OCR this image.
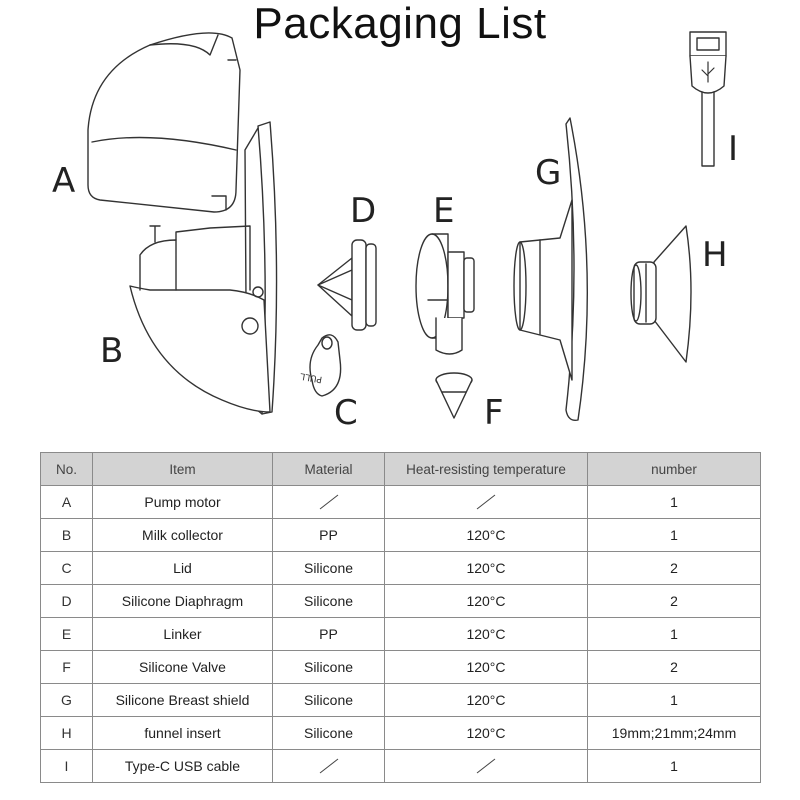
Packaging List
PULL
A
B
C
D E
F
G
H
I
No.	Item	Material	Heat-resisting temperature	number
A	Pump motor			1
B	Milk collector	PP	120°C	1
C	Lid	Silicone	120°C	2
D	Silicone Diaphragm	Silicone	120°C	2
E	Linker	PP	120°C	1
F	Silicone Valve	Silicone	120°C	2
G	Silicone Breast shield	Silicone	120°C	1
H	funnel insert	Silicone	120°C	19mm;21mm;24mm
I	Type-C USB cable			1
